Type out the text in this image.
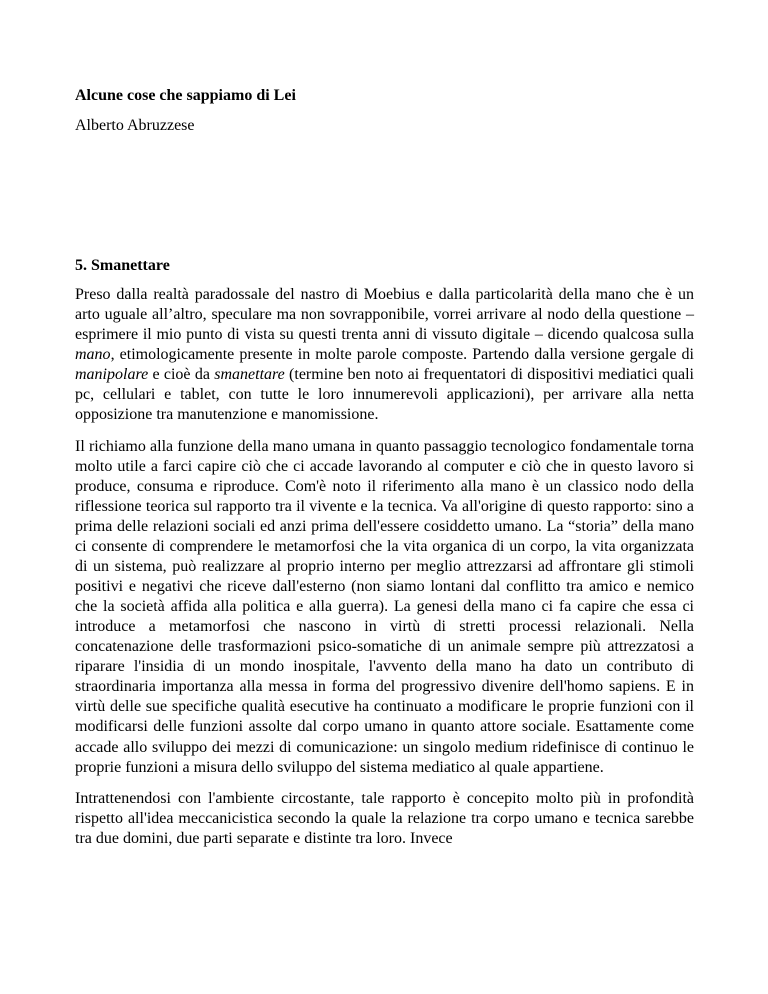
Alcune cose che sappiamo di Lei

Alberto Abruzzese

5. Smanettare

Preso dalla realtà paradossale del nastro di Moebius e dalla particolarità della mano che è un arto uguale all’altro, speculare ma non sovrapponibile, vorrei arrivare al nodo della questione – esprimere il mio punto di vista su questi trenta anni di vissuto digitale – dicendo qualcosa sulla mano, etimologicamente presente in molte parole composte. Partendo dalla versione gergale di manipolare e cioè da smanettare (termine ben noto ai frequentatori di dispositivi mediatici quali pc, cellulari e tablet, con tutte le loro innumerevoli applicazioni), per arrivare alla netta opposizione tra manutenzione e manomissione.

Il richiamo alla funzione della mano umana in quanto passaggio tecnologico fondamentale torna molto utile a farci capire ciò che ci accade lavorando al computer e ciò che in questo lavoro si produce, consuma e riproduce. Com'è noto il riferimento alla mano è un classico nodo della riflessione teorica sul rapporto tra il vivente e la tecnica. Va all'origine di questo rapporto: sino a prima delle relazioni sociali ed anzi prima dell'essere cosiddetto umano. La “storia” della mano ci consente di comprendere le metamorfosi che la vita organica di un corpo, la vita organizzata di un sistema, può realizzare al proprio interno per meglio attrezzarsi ad affrontare gli stimoli positivi e negativi che riceve dall'esterno (non siamo lontani dal conflitto tra amico e nemico che la società affida alla politica e alla guerra). La genesi della mano ci fa capire che essa ci introduce a metamorfosi che nascono in virtù di stretti processi relazionali. Nella concatenazione delle trasformazioni psico-somatiche di un animale sempre più attrezzatosi a riparare l'insidia di un mondo inospitale, l'avvento della mano ha dato un contributo di straordinaria importanza alla messa in forma del progressivo divenire dell'homo sapiens. E in virtù delle sue specifiche qualità esecutive ha continuato a modificare le proprie funzioni con il modificarsi delle funzioni assolte dal corpo umano in quanto attore sociale. Esattamente come accade allo sviluppo dei mezzi di comunicazione: un singolo medium ridefinisce di continuo le proprie funzioni a misura dello sviluppo del sistema mediatico al quale appartiene.

Intrattenendosi con l'ambiente circostante, tale rapporto è concepito molto più in profondità rispetto all'idea meccanicistica secondo la quale la relazione tra corpo umano e tecnica sarebbe tra due domini, due parti separate e distinte tra loro. Invece
